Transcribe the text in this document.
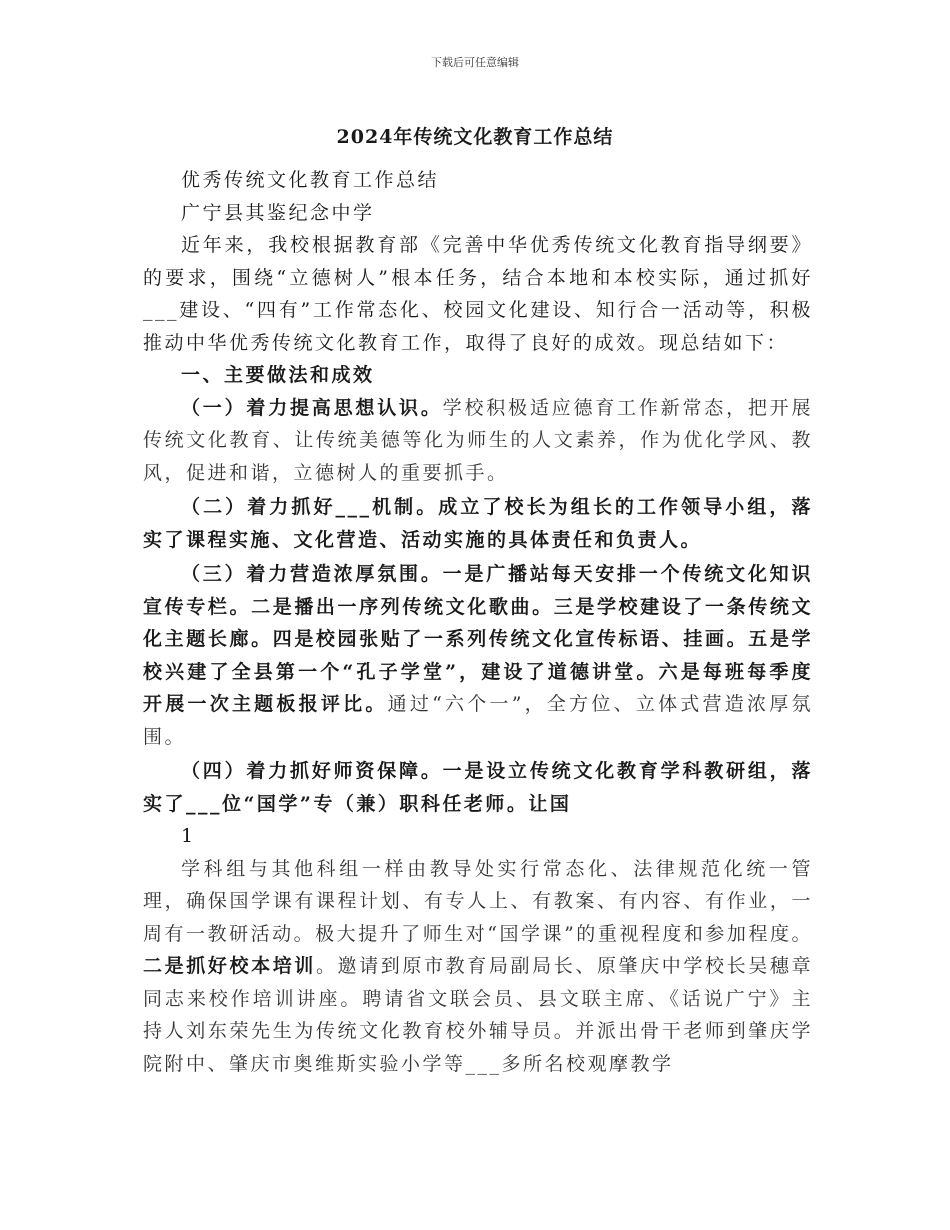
下载后可任意编辑
2024年传统文化教育工作总结

优秀传统文化教育工作总结

广宁县其鉴纪念中学

近年来，我校根据教育部《完善中华优秀传统文化教育指导纲要》的要求，围绕“立德树人”根本任务，结合本地和本校实际，通过抓好___建设、“四有”工作常态化、校园文化建设、知行合一活动等，积极推动中华优秀传统文化教育工作，取得了良好的成效。现总结如下：

一、主要做法和成效

（一）着力提高思想认识。学校积极适应德育工作新常态，把开展传统文化教育、让传统美德等化为师生的人文素养，作为优化学风、教风，促进和谐，立德树人的重要抓手。

（二）着力抓好___机制。成立了校长为组长的工作领导小组，落实了课程实施、文化营造、活动实施的具体责任和负责人。

（三）着力营造浓厚氛围。一是广播站每天安排一个传统文化知识宣传专栏。二是播出一序列传统文化歌曲。三是学校建设了一条传统文化主题长廊。四是校园张贴了一系列传统文化宣传标语、挂画。五是学校兴建了全县第一个“孔子学堂”，建设了道德讲堂。六是每班每季度开展一次主题板报评比。通过“六个一”，全方位、立体式营造浓厚氛围。

（四）着力抓好师资保障。一是设立传统文化教育学科教研组，落实了___位“国学”专（兼）职科任老师。让国

1

学科组与其他科组一样由教导处实行常态化、法律规范化统一管理，确保国学课有课程计划、有专人上、有教案、有内容、有作业，一周有一教研活动。极大提升了师生对“国学课”的重视程度和参加程度。二是抓好校本培训。邀请到原市教育局副局长、原肇庆中学校长吴穗章同志来校作培训讲座。聘请省文联会员、县文联主席、《话说广宁》主持人刘东荣先生为传统文化教育校外辅导员。并派出骨干老师到肇庆学院附中、肇庆市奥维斯实验小学等___多所名校观摩教学
